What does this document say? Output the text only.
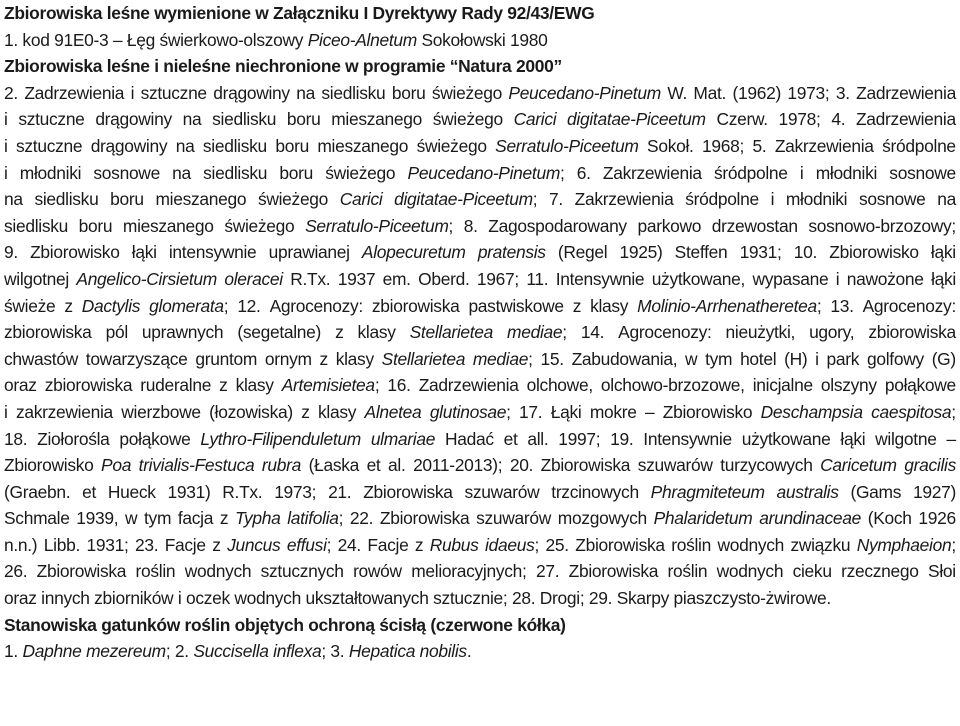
Zbiorowiska leśne wymienione w Załączniku I Dyrektywy Rady 92/43/EWG
1. kod 91E0-3 – Łęg świerkowo-olszowy Piceo-Alnetum Sokołowski 1980
Zbiorowiska leśne i nieleśne niechronione w programie “Natura 2000”
2. Zadrzewienia i sztuczne drągowiny na siedlisku boru świeżego Peucedano-Pinetum W. Mat. (1962) 1973; 3. Zadrzewienia
i sztuczne drągowiny na siedlisku boru mieszanego świeżego Carici digitatae-Piceetum Czerw. 1978; 4. Zadrzewienia
i sztuczne drągowiny na siedlisku boru mieszanego świeżego Serratulo-Piceetum Sokoł. 1968; 5. Zakrzewienia śródpolne
i młodniki sosnowe na siedlisku boru świeżego Peucedano-Pinetum; 6. Zakrzewienia śródpolne i młodniki sosnowe
na siedlisku boru mieszanego świeżego Carici digitatae-Piceetum; 7. Zakrzewienia śródpolne i młodniki sosnowe na
siedlisku boru mieszanego świeżego Serratulo-Piceetum; 8. Zagospodarowany parkowo drzewostan sosnowo-brzozowy;
9. Zbiorowisko łąki intensywnie uprawianej Alopecuretum pratensis (Regel 1925) Steffen 1931; 10. Zbiorowisko łąki
wilgotnej Angelico-Cirsietum oleracei R.Tx. 1937 em. Oberd. 1967; 11. Intensywnie użytkowane, wypasane i nawożone łąki
świeże z Dactylis glomerata; 12. Agrocenozy: zbiorowiska pastwiskowe z klasy Molinio-Arrhenatheretea; 13. Agrocenozy:
zbiorowiska pól uprawnych (segetalne) z klasy Stellarietea mediae; 14. Agrocenozy: nieużytki, ugory, zbiorowiska
chwastów towarzyszące gruntom ornym z klasy Stellarietea mediae; 15. Zabudowania, w tym hotel (H) i park golfowy (G)
oraz zbiorowiska ruderalne z klasy Artemisietea; 16. Zadrzewienia olchowe, olchowo-brzozowe, inicjalne olszyny połąkowe
i zakrzewienia wierzbowe (łozowiska) z klasy Alnetea glutinosae; 17. Łąki mokre – Zbiorowisko Deschampsia caespitosa;
18. Ziołorośla połąkowe Lythro-Filipenduletum ulmariae Hadać et all. 1997; 19. Intensywnie użytkowane łąki wilgotne –
Zbiorowisko Poa trivialis-Festuca rubra (Łaska et al. 2011-2013); 20. Zbiorowiska szuwarów turzycowych Caricetum gracilis
(Graebn. et Hueck 1931) R.Tx. 1973; 21. Zbiorowiska szuwarów trzcinowych Phragmiteteum australis (Gams 1927)
Schmale 1939, w tym facja z Typha latifolia; 22. Zbiorowiska szuwarów mozgowych Phalaridetum arundinaceae (Koch 1926
n.n.) Libb. 1931; 23. Facje z Juncus effusi; 24. Facje z Rubus idaeus; 25. Zbiorowiska roślin wodnych związku Nymphaeion;
26. Zbiorowiska roślin wodnych sztucznych rowów melioracyjnych; 27. Zbiorowiska roślin wodnych cieku rzecznego Słoi
oraz innych zbiorników i oczek wodnych ukształtowanych sztucznie; 28. Drogi; 29. Skarpy piaszczysto-żwirowe.
Stanowiska gatunków roślin objętych ochroną ścisłą (czerwone kółka)
1. Daphne mezereum; 2. Succisella inflexa; 3. Hepatica nobilis.
